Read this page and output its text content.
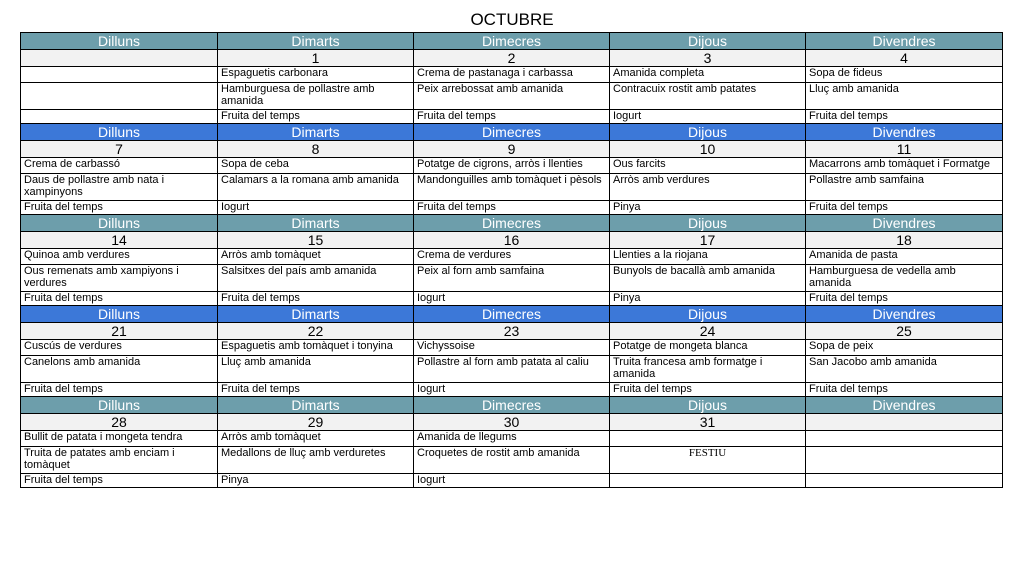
OCTUBRE
Dilluns	Dimarts	Dimecres	Dijous	Divendres
	1	2	3	4
	Espaguetis carbonara	Crema de pastanaga i carbassa	Amanida completa	Sopa de fideus
	Hamburguesa de pollastre amb amanida	Peix arrebossat amb amanida	Contracuix rostit amb patates	Lluç amb amanida
	Fruita del temps	Fruita del temps	Iogurt	Fruita del temps
Dilluns	Dimarts	Dimecres	Dijous	Divendres
7	8	9	10	11
Crema de carbassó	Sopa de ceba	Potatge de cigrons, arròs i llenties	Ous farcits	Macarrons amb tomàquet i Formatge
Daus de pollastre amb nata i xampinyons	Calamars a la romana amb amanida	Mandonguilles amb tomàquet i pèsols	Arròs amb verdures	Pollastre amb samfaina
Fruita del temps	Iogurt	Fruita del temps	Pinya	Fruita del temps
Dilluns	Dimarts	Dimecres	Dijous	Divendres
14	15	16	17	18
Quinoa amb verdures	Arròs amb tomàquet	Crema de verdures	Llenties a la riojana	Amanida de pasta
Ous remenats amb xampiyons i verdures	Salsitxes del país amb amanida	Peix al forn amb samfaina	Bunyols de bacallà amb amanida	Hamburguesa de vedella amb amanida
Fruita del temps	Fruita del temps	Iogurt	Pinya	Fruita del temps
Dilluns	Dimarts	Dimecres	Dijous	Divendres
21	22	23	24	25
Cuscús de verdures	Espaguetis amb tomàquet i tonyina	Vichyssoise	Potatge de mongeta blanca	Sopa de peix
Canelons amb amanida	Lluç amb amanida	Pollastre al forn amb patata al caliu	Truita francesa amb formatge i amanida	San Jacobo amb amanida
Fruita del temps	Fruita del temps	Iogurt	Fruita del temps	Fruita del temps
Dilluns	Dimarts	Dimecres	Dijous	Divendres
28	29	30	31	
Bullit de patata i mongeta tendra	Arròs amb tomàquet	Amanida de llegums		
Truita de patates amb enciam i tomàquet	Medallons de lluç amb verduretes	Croquetes de rostit amb amanida	FESTIU	
Fruita del temps	Pinya	Iogurt		
